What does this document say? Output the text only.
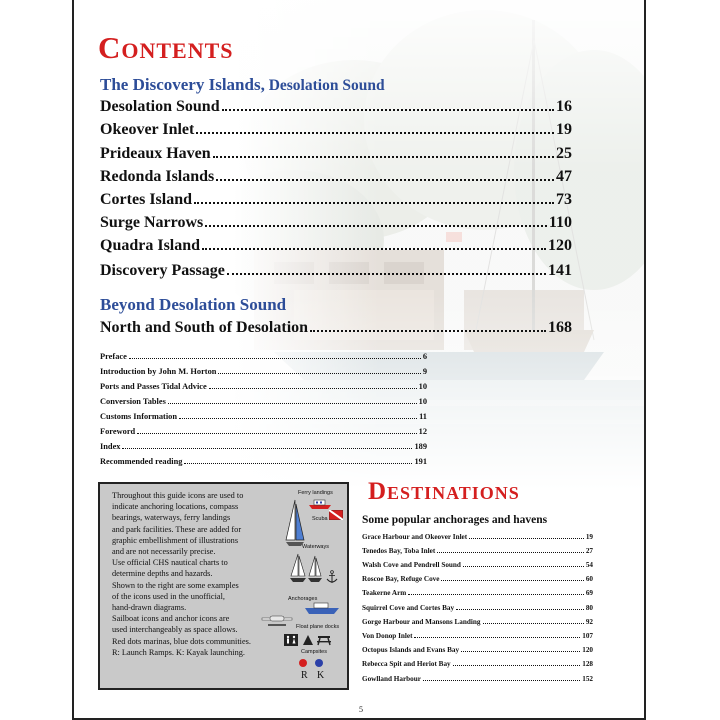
Contents
The Discovery Islands, Desolation Sound
Desolation Sound	16
Okeover Inlet	19
Prideaux Haven	25
Redonda Islands	47
Cortes Island	73
Surge Narrows	110
Quadra Island	120
Discovery Passage	141
Beyond Desolation Sound
North and South of Desolation	168
Preface	6
Introduction by John M. Horton	9
Ports and Passes Tidal Advice	10
Conversion Tables	10
Customs Information	11
Foreword	12
Index	189
Recommended reading	191
Throughout this guide icons are used to
indicate anchoring locations, compass
bearings, waterways, ferry landings
and park facilities. These are added for
graphic embellishment of illustrations
and are not necessarily precise.
Use official CHS nautical charts to
determine depths and hazards.
Shown to the right are some examples
of the icons used in the unofficial,
hand-drawn diagrams.
Sailboat icons and anchor icons are
used interchangeably as space allows.
Red dots marinas, blue dots communities.
R: Launch Ramps. K: Kayak launching.
Ferry landings
Scuba
Waterways
Anchorages
Float plane docks
Campsites
R K
Destinations
Some popular anchorages and havens
Grace Harbour and Okeover Inlet	19
Tenedos Bay, Toba Inlet	27
Walsh Cove and Pendrell Sound	54
Roscoe Bay, Refuge Cove	60
Teakerne Arm	69
Squirrel Cove and Cortes Bay	80
Gorge Harbour and Mansons Landing	92
Von Donop Inlet	107
Octopus Islands and Evans Bay	120
Rebecca Spit and Heriot Bay	128
Gowlland Harbour	152
5
